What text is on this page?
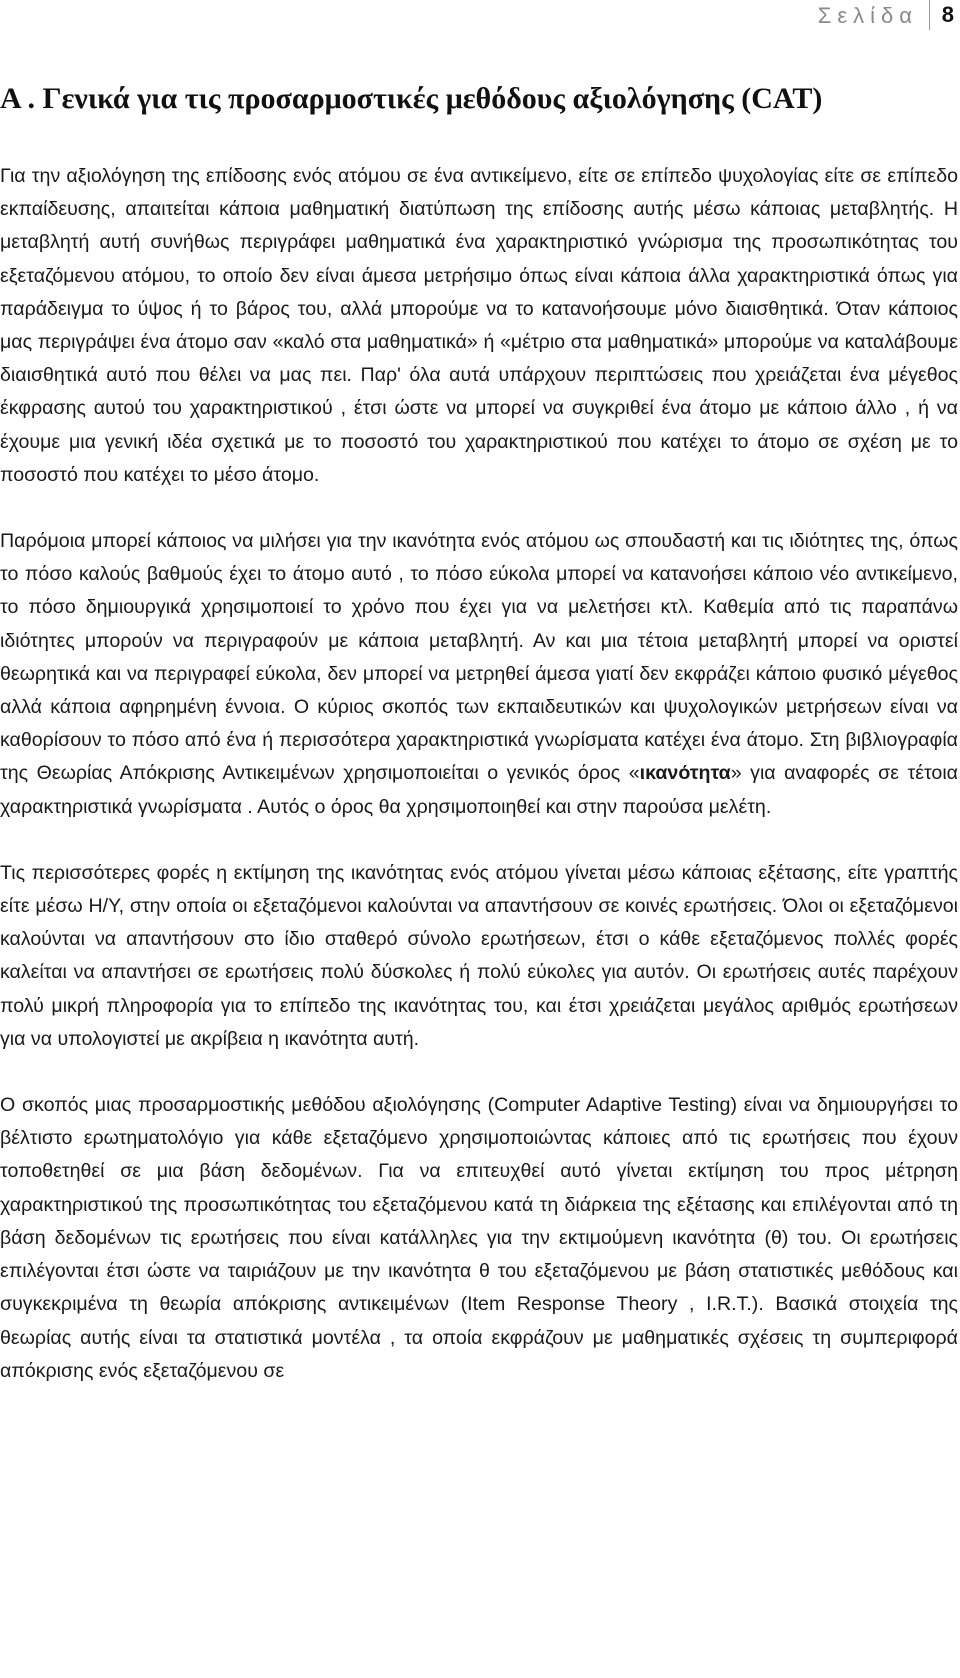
Σελίδα 8
Α . Γενικά για τις προσαρμοστικές μεθόδους αξιολόγησης (CAT)

Για την αξιολόγηση της επίδοσης ενός ατόμου σε ένα αντικείμενο, είτε σε επίπεδο ψυχολογίας είτε σε επίπεδο εκπαίδευσης, απαιτείται κάποια μαθηματική διατύπωση της επίδοσης αυτής μέσω κάποιας μεταβλητής. Η μεταβλητή αυτή συνήθως περιγράφει μαθηματικά ένα χαρακτηριστικό γνώρισμα της προσωπικότητας του εξεταζόμενου ατόμου, το οποίο δεν είναι άμεσα μετρήσιμο όπως είναι κάποια άλλα χαρακτηριστικά όπως για παράδειγμα το ύψος ή το βάρος του, αλλά μπορούμε να το κατανοήσουμε μόνο διαισθητικά. Όταν κάποιος μας περιγράψει ένα άτομο σαν «καλό στα μαθηματικά» ή «μέτριο στα μαθηματικά» μπορούμε να καταλάβουμε διαισθητικά αυτό που θέλει να μας πει. Παρ' όλα αυτά υπάρχουν περιπτώσεις που χρειάζεται ένα μέγεθος έκφρασης αυτού του χαρακτηριστικού , έτσι ώστε να μπορεί να συγκριθεί ένα άτομο με κάποιο άλλο , ή να έχουμε μια γενική ιδέα σχετικά με το ποσοστό του χαρακτηριστικού που κατέχει το άτομο σε σχέση με το ποσοστό που κατέχει το μέσο άτομο.

Παρόμοια μπορεί κάποιος να μιλήσει για την ικανότητα ενός ατόμου ως σπουδαστή και τις ιδιότητες της, όπως το πόσο καλούς βαθμούς έχει το άτομο αυτό , το πόσο εύκολα μπορεί να κατανοήσει κάποιο νέο αντικείμενο, το πόσο δημιουργικά χρησιμοποιεί το χρόνο που έχει για να μελετήσει κτλ. Καθεμία από τις παραπάνω ιδιότητες μπορούν να περιγραφούν με κάποια μεταβλητή. Αν και μια τέτοια μεταβλητή μπορεί να οριστεί θεωρητικά και να περιγραφεί εύκολα, δεν μπορεί να μετρηθεί άμεσα γιατί δεν εκφράζει κάποιο φυσικό μέγεθος αλλά κάποια αφηρημένη έννοια. Ο κύριος σκοπός των εκπαιδευτικών και ψυχολογικών μετρήσεων είναι να καθορίσουν το πόσο από ένα ή περισσότερα χαρακτηριστικά γνωρίσματα κατέχει ένα άτομο. Στη βιβλιογραφία της Θεωρίας Απόκρισης Αντικειμένων χρησιμοποιείται ο γενικός όρος «ικανότητα» για αναφορές σε τέτοια χαρακτηριστικά γνωρίσματα . Αυτός ο όρος θα χρησιμοποιηθεί και στην παρούσα μελέτη.

Τις περισσότερες φορές η εκτίμηση της ικανότητας ενός ατόμου γίνεται μέσω κάποιας εξέτασης, είτε γραπτής είτε μέσω Η/Υ, στην οποία οι εξεταζόμενοι καλούνται να απαντήσουν σε κοινές ερωτήσεις. Όλοι οι εξεταζόμενοι καλούνται να απαντήσουν στο ίδιο σταθερό σύνολο ερωτήσεων, έτσι ο κάθε εξεταζόμενος πολλές φορές καλείται να απαντήσει σε ερωτήσεις πολύ δύσκολες ή πολύ εύκολες για αυτόν. Οι ερωτήσεις αυτές παρέχουν πολύ μικρή πληροφορία για το επίπεδο της ικανότητας του, και έτσι χρειάζεται μεγάλος αριθμός ερωτήσεων για να υπολογιστεί με ακρίβεια η ικανότητα αυτή.

Ο σκοπός μιας προσαρμοστικής μεθόδου αξιολόγησης (Computer Adaptive Testing) είναι να δημιουργήσει το βέλτιστο ερωτηματολόγιο για κάθε εξεταζόμενο χρησιμοποιώντας κάποιες από τις ερωτήσεις που έχουν τοποθετηθεί σε μια βάση δεδομένων. Για να επιτευχθεί αυτό γίνεται εκτίμηση του προς μέτρηση χαρακτηριστικού της προσωπικότητας του εξεταζόμενου κατά τη διάρκεια της εξέτασης και επιλέγονται από τη βάση δεδομένων τις ερωτήσεις που είναι κατάλληλες για την εκτιμούμενη ικανότητα (θ) του. Οι ερωτήσεις επιλέγονται έτσι ώστε να ταιριάζουν με την ικανότητα θ του εξεταζόμενου με βάση στατιστικές μεθόδους και συγκεκριμένα τη θεωρία απόκρισης αντικειμένων (Item Response Theory , I.R.T.). Βασικά στοιχεία της θεωρίας αυτής είναι τα στατιστικά μοντέλα , τα οποία εκφράζουν με μαθηματικές σχέσεις τη συμπεριφορά απόκρισης ενός εξεταζόμενου σε
